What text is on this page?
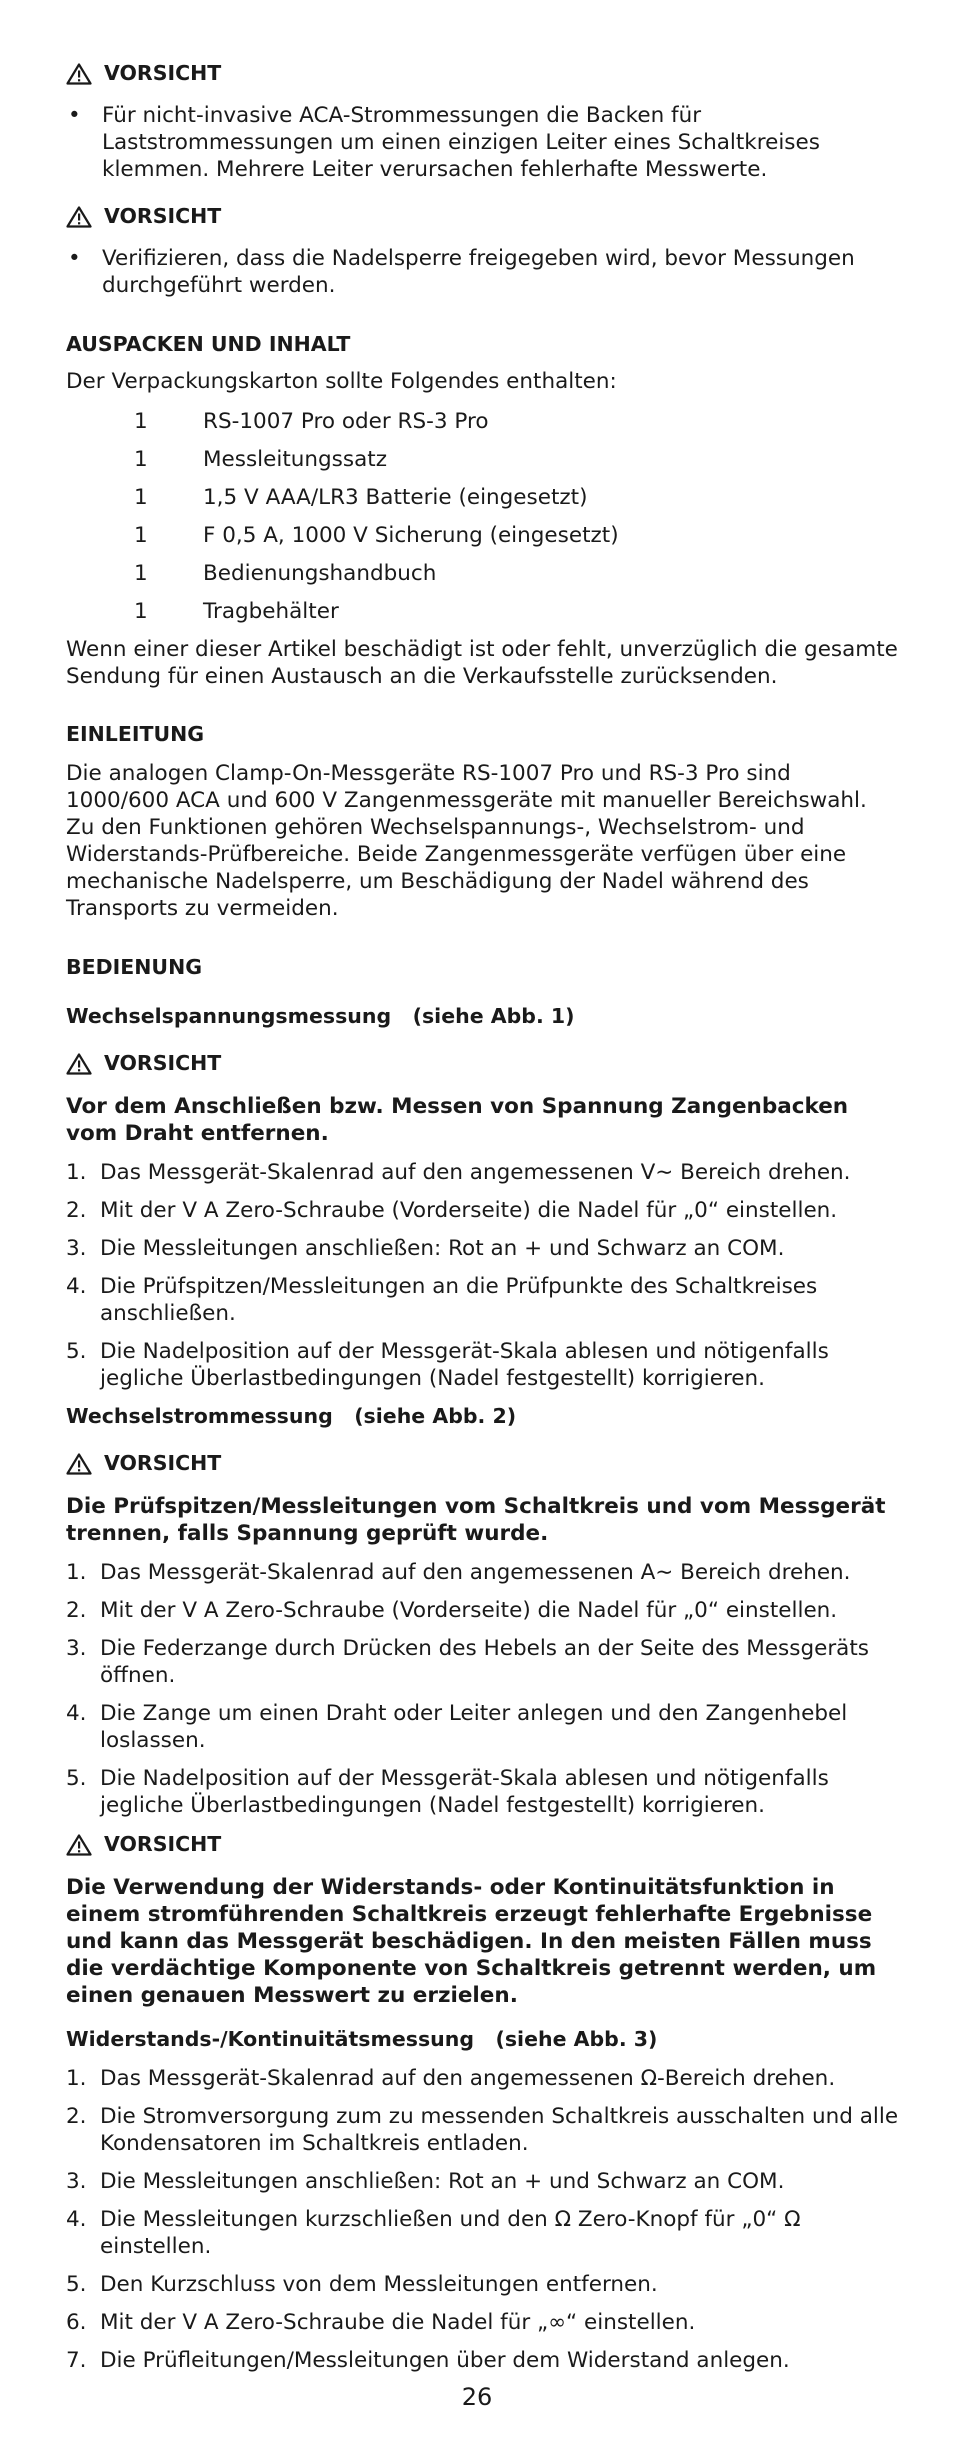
VORSICHT
• Für nicht-invasive ACA-Strommessungen die Backen für Laststrommessungen um einen einzigen Leiter eines Schaltkreises klemmen. Mehrere Leiter verursachen fehlerhafte Messwerte.
VORSICHT
• Verifizieren, dass die Nadelsperre freigegeben wird, bevor Messungen durchgeführt werden.
AUSPACKEN UND INHALT
Der Verpackungskarton sollte Folgendes enthalten:
1	RS-1007 Pro oder RS-3 Pro
1	Messleitungssatz
1	1,5 V AAA/LR3 Batterie (eingesetzt)
1	F 0,5 A, 1000 V Sicherung (eingesetzt)
1	Bedienungshandbuch
1	Tragbehälter
Wenn einer dieser Artikel beschädigt ist oder fehlt, unverzüglich die gesamte Sendung für einen Austausch an die Verkaufsstelle zurücksenden.
EINLEITUNG
Die analogen Clamp-On-Messgeräte RS-1007 Pro und RS-3 Pro sind 1000/600 ACA und 600 V Zangenmessgeräte mit manueller Bereichswahl. Zu den Funktionen gehören Wechselspannungs-, Wechselstrom- und Widerstands-Prüfbereiche. Beide Zangenmessgeräte verfügen über eine mechanische Nadelsperre, um Beschädigung der Nadel während des Transports zu vermeiden.
BEDIENUNG
Wechselspannungsmessung (siehe Abb. 1)
VORSICHT
Vor dem Anschließen bzw. Messen von Spannung Zangenbacken vom Draht entfernen.
1. Das Messgerät-Skalenrad auf den angemessenen V∼ Bereich drehen.
2. Mit der V A Zero-Schraube (Vorderseite) die Nadel für „0“ einstellen.
3. Die Messleitungen anschließen: Rot an + und Schwarz an COM.
4. Die Prüfspitzen/Messleitungen an die Prüfpunkte des Schaltkreises anschließen.
5. Die Nadelposition auf der Messgerät-Skala ablesen und nötigenfalls jegliche Überlastbedingungen (Nadel festgestellt) korrigieren.
Wechselstrommessung (siehe Abb. 2)
VORSICHT
Die Prüfspitzen/Messleitungen vom Schaltkreis und vom Messgerät trennen, falls Spannung geprüft wurde.
1. Das Messgerät-Skalenrad auf den angemessenen A∼ Bereich drehen.
2. Mit der V A Zero-Schraube (Vorderseite) die Nadel für „0“ einstellen.
3. Die Federzange durch Drücken des Hebels an der Seite des Messgeräts öffnen.
4. Die Zange um einen Draht oder Leiter anlegen und den Zangenhebel loslassen.
5. Die Nadelposition auf der Messgerät-Skala ablesen und nötigenfalls jegliche Überlastbedingungen (Nadel festgestellt) korrigieren.
VORSICHT
Die Verwendung der Widerstands- oder Kontinuitätsfunktion in einem stromführenden Schaltkreis erzeugt fehlerhafte Ergebnisse und kann das Messgerät beschädigen. In den meisten Fällen muss die verdächtige Komponente von Schaltkreis getrennt werden, um einen genauen Messwert zu erzielen.
Widerstands-/Kontinuitätsmessung (siehe Abb. 3)
1. Das Messgerät-Skalenrad auf den angemessenen Ω-Bereich drehen.
2. Die Stromversorgung zum zu messenden Schaltkreis ausschalten und alle Kondensatoren im Schaltkreis entladen.
3. Die Messleitungen anschließen: Rot an + und Schwarz an COM.
4. Die Messleitungen kurzschließen und den Ω Zero-Knopf für „0“ Ω einstellen.
5. Den Kurzschluss von dem Messleitungen entfernen.
6. Mit der V A Zero-Schraube die Nadel für „∞“ einstellen.
7. Die Prüfleitungen/Messleitungen über dem Widerstand anlegen.
26
